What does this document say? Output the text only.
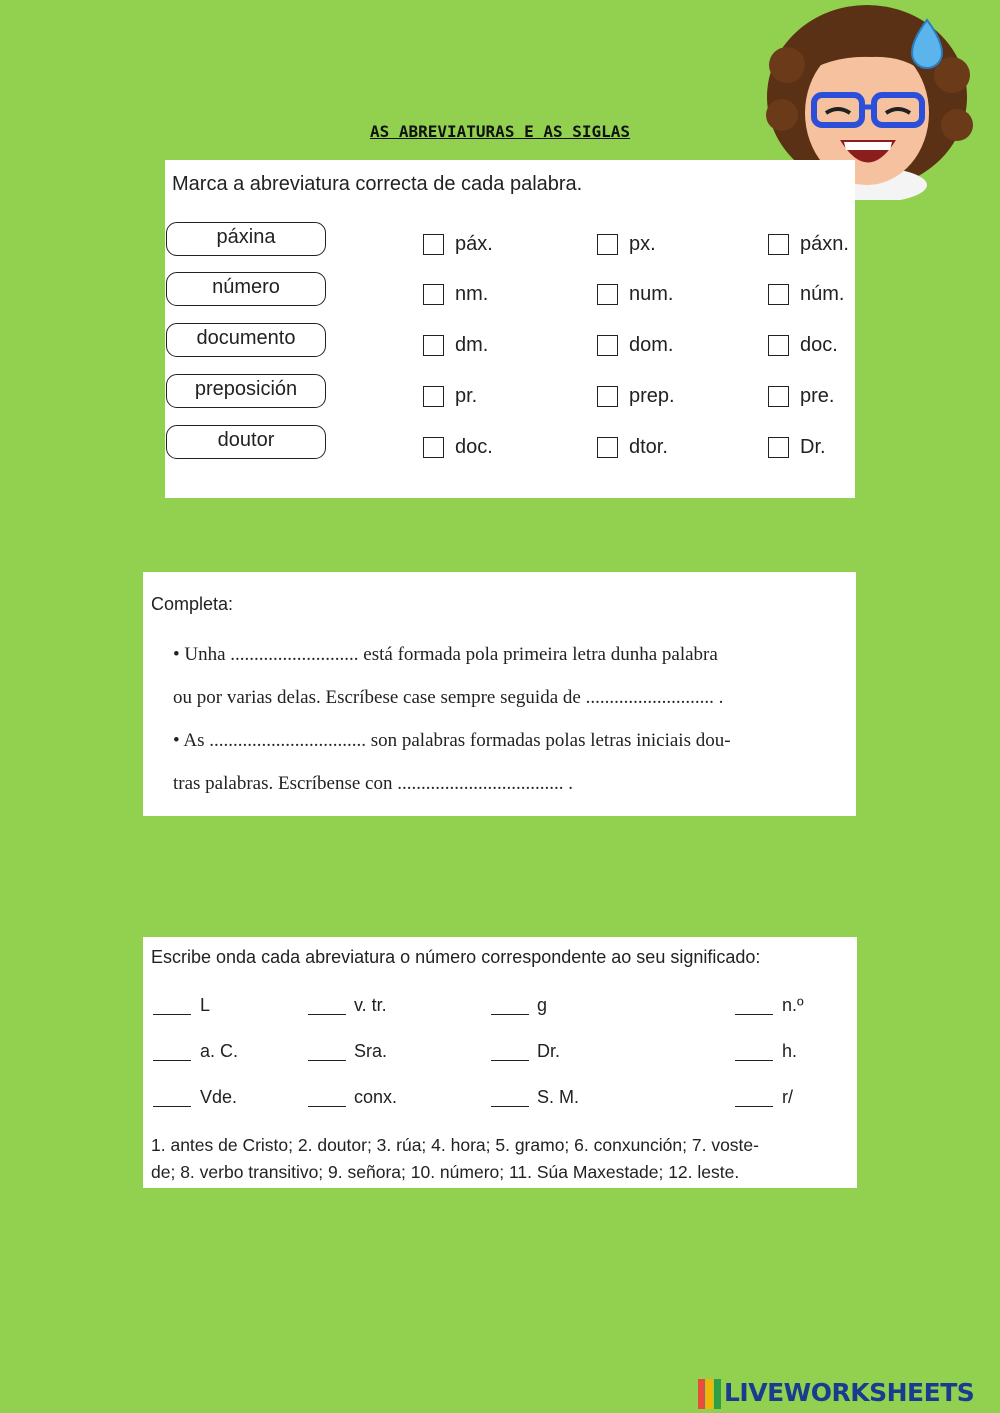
AS ABREVIATURAS E AS SIGLAS
Marca a abreviatura correcta de cada palabra.
páxina	páx.	px.	páxn.
número	nm.	num.	núm.
documento	dm.	dom.	doc.
preposición	pr.	prep.	pre.
doutor	doc.	dtor.	Dr.
Completa:
• Unha ........................... está formada pola primeira letra dunha palabra
ou por varias delas. Escríbese case sempre seguida de ........................... .
• As ................................. son palabras formadas polas letras iniciais dou-
tras palabras. Escríbense con ................................... .
Escribe onda cada abreviatura o número correspondente ao seu significado:
L	v. tr.	g	n.º
a. C.	Sra.	Dr.	h.
Vde.	conx.	S. M.	r/
1. antes de Cristo; 2. doutor; 3. rúa; 4. hora; 5. gramo; 6. conxunción; 7. voste-
de; 8. verbo transitivo; 9. señora; 10. número; 11. Súa Maxestade; 12. leste.
LIVEWORKSHEETS
